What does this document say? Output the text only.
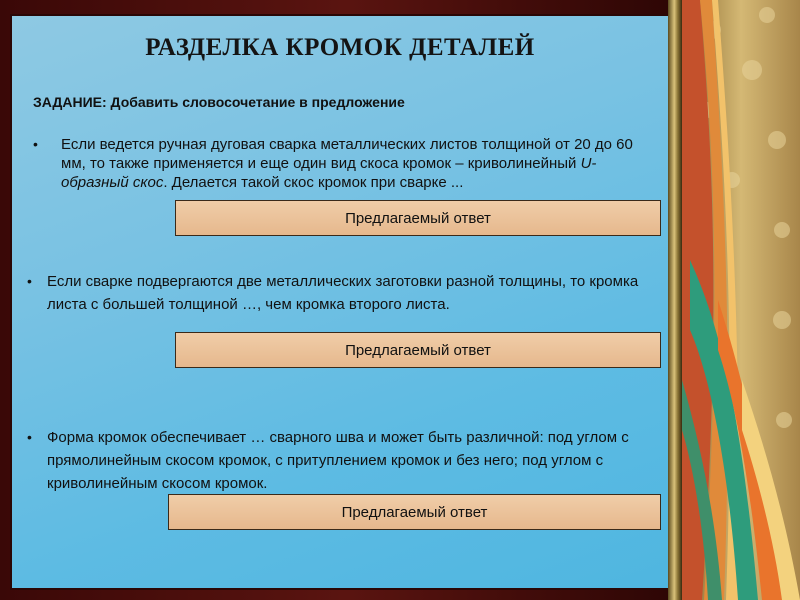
РАЗДЕЛКА КРОМОК ДЕТАЛЕЙ
ЗАДАНИЕ: Добавить словосочетание в предложение
•	Если ведется ручная дуговая сварка металлических листов толщиной от 20 до 60 мм, то также применяется и еще один вид скоса кромок – криволинейный U-образный скос. Делается такой скос кромок при сварке ...
Предлагаемый ответ
•	Если сварке подвергаются две металлических заготовки разной толщины, то кромка листа с большей толщиной …, чем кромка второго листа.
Предлагаемый ответ
•	Форма кромок обеспечивает … сварного шва и может быть различной: под углом с прямолинейным скосом кромок, с притуплением кромок и без него; под углом с криволинейным скосом кромок.
Предлагаемый ответ
